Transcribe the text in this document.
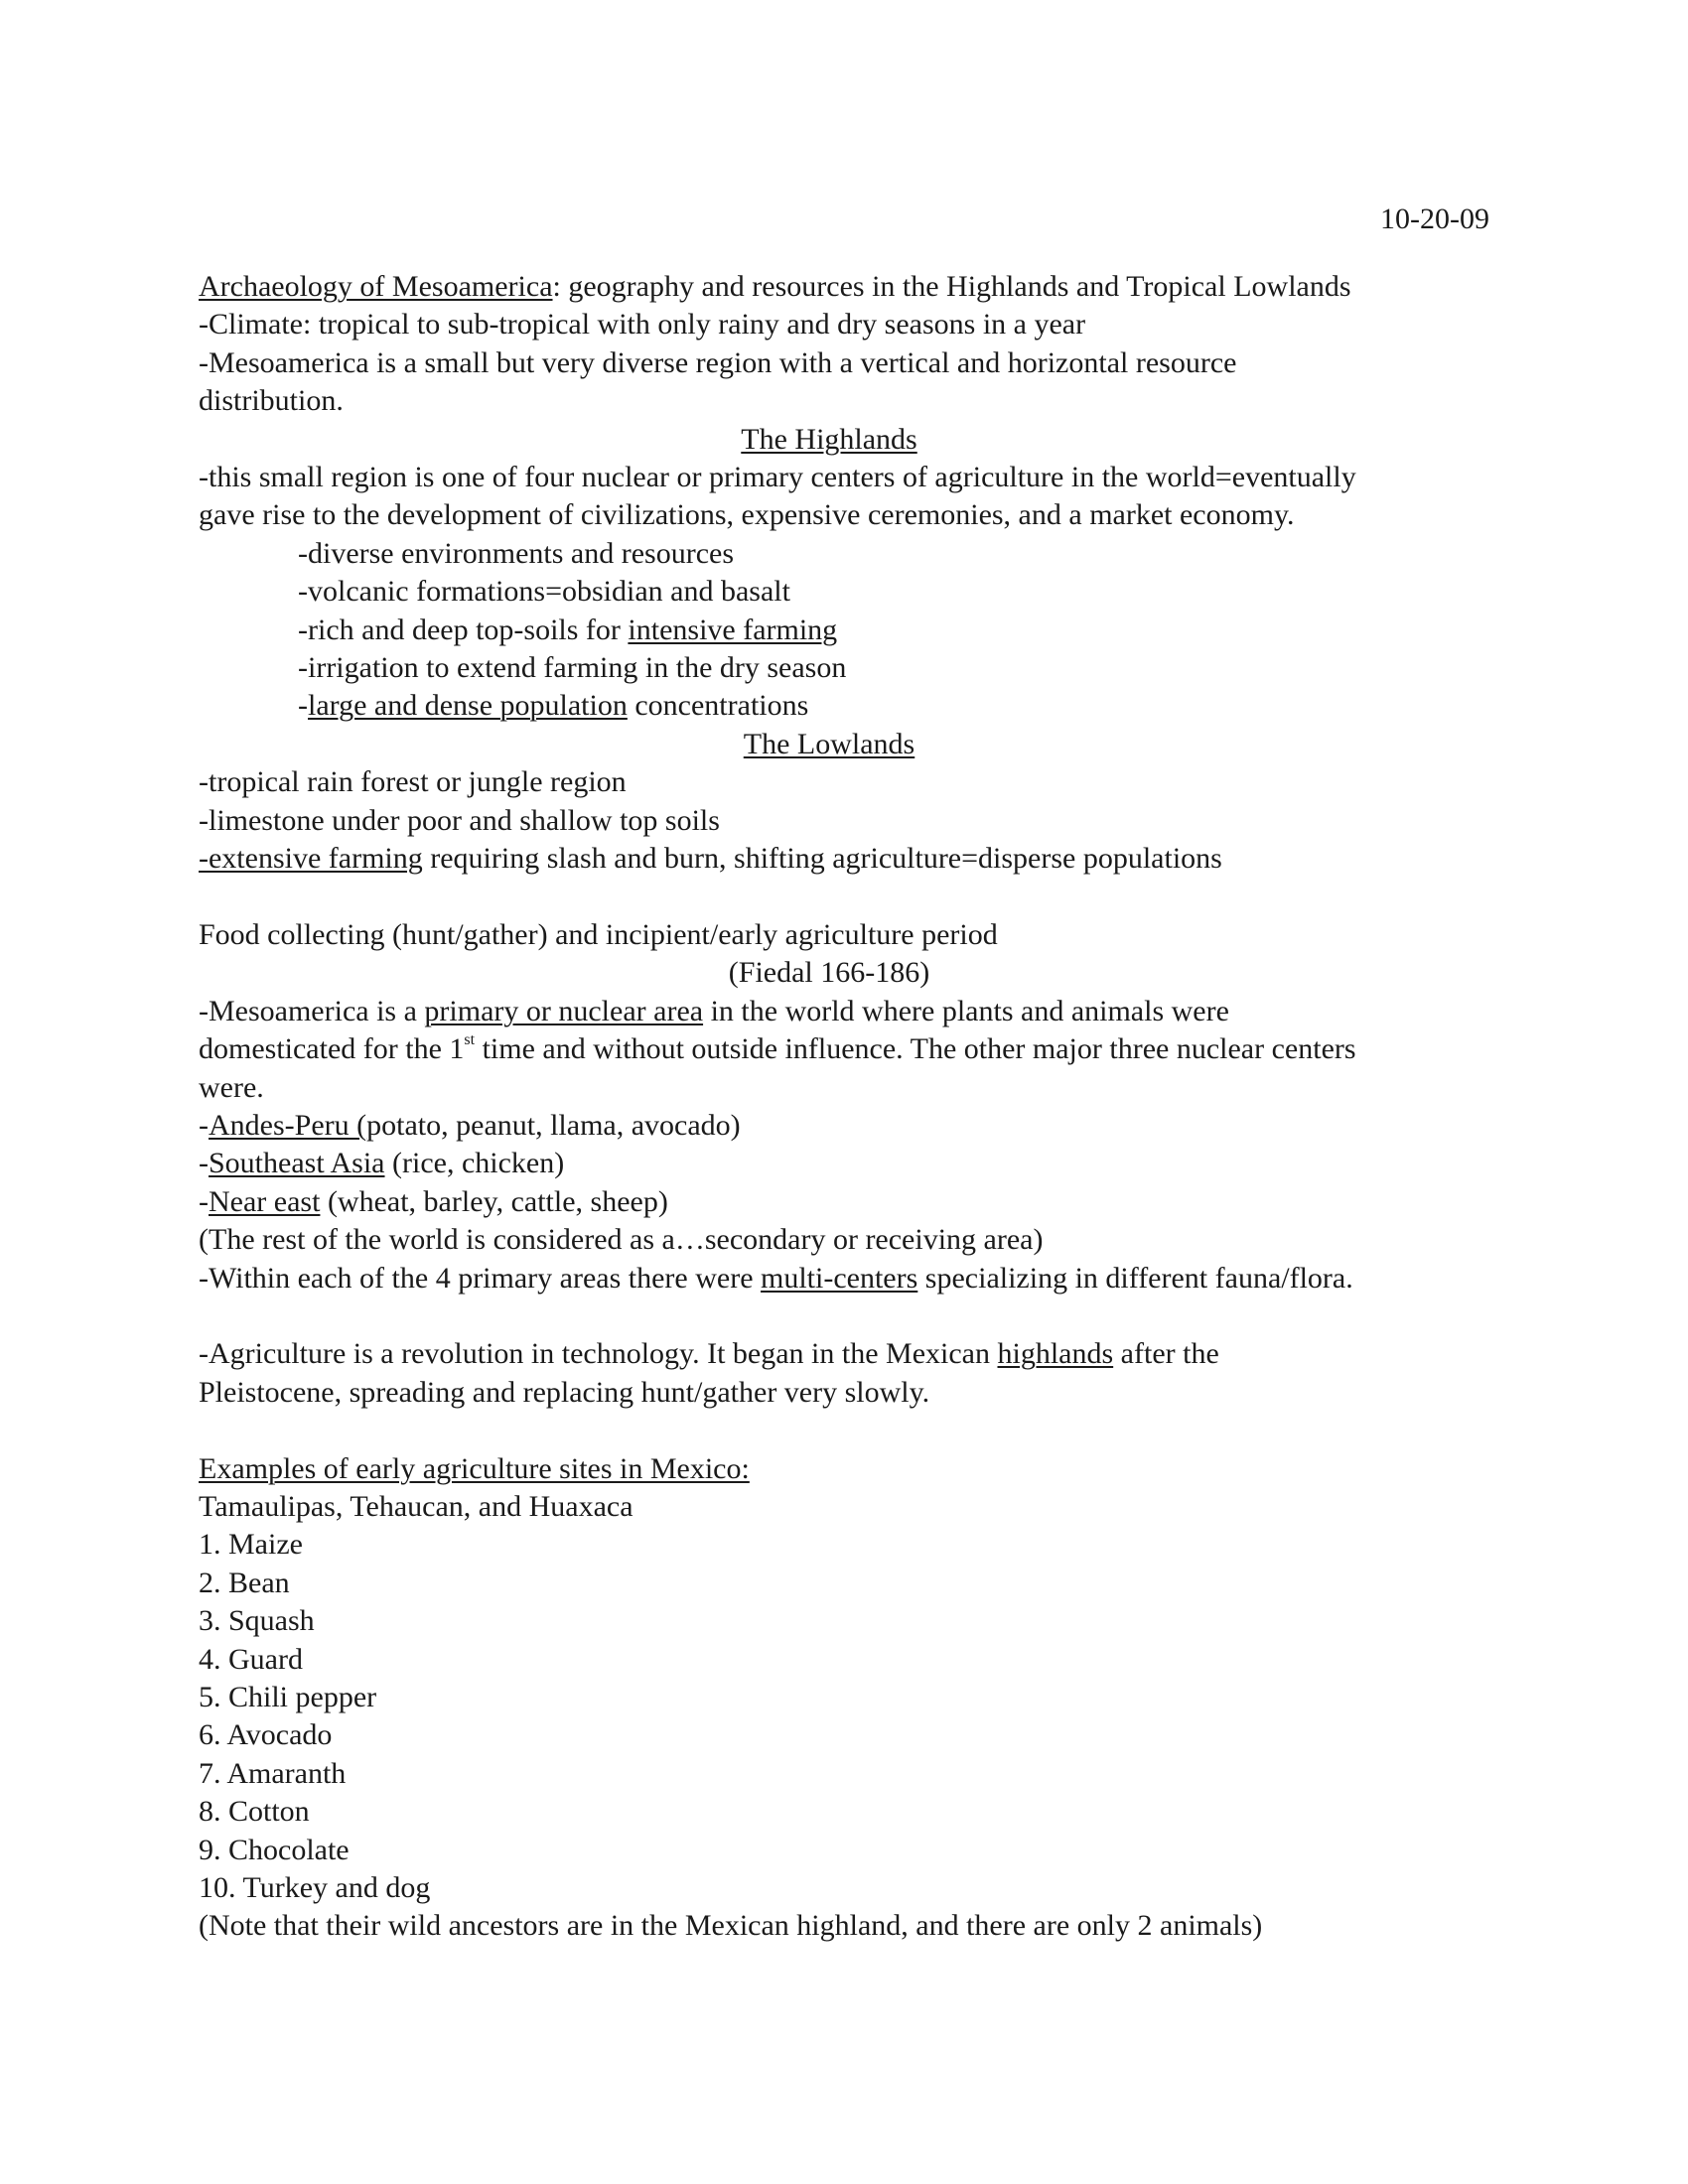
10-20-09
Archaeology of Mesoamerica: geography and resources in the Highlands and Tropical Lowlands
-Climate: tropical to sub-tropical with only rainy and dry seasons in a year
-Mesoamerica is a small but very diverse region with a vertical and horizontal resource
distribution.
The Highlands
-this small region is one of four nuclear or primary centers of agriculture in the world=eventually
gave rise to the development of civilizations, expensive ceremonies, and a market economy.
-diverse environments and resources
-volcanic formations=obsidian and basalt
-rich and deep top-soils for intensive farming
-irrigation to extend farming in the dry season
-large and dense population concentrations
The Lowlands
-tropical rain forest or jungle region
-limestone under poor and shallow top soils
-extensive farming requiring slash and burn, shifting agriculture=disperse populations
Food collecting (hunt/gather) and incipient/early agriculture period
(Fiedal 166-186)
-Mesoamerica is a primary or nuclear area in the world where plants and animals were
domesticated for the 1st time and without outside influence. The other major three nuclear centers
were.
-Andes-Peru (potato, peanut, llama, avocado)
-Southeast Asia (rice, chicken)
-Near east (wheat, barley, cattle, sheep)
(The rest of the world is considered as a…secondary or receiving area)
-Within each of the 4 primary areas there were multi-centers specializing in different fauna/flora.
-Agriculture is a revolution in technology. It began in the Mexican highlands after the
Pleistocene, spreading and replacing hunt/gather very slowly.
Examples of early agriculture sites in Mexico:
Tamaulipas, Tehaucan, and Huaxaca
1. Maize
2. Bean
3. Squash
4. Guard
5. Chili pepper
6. Avocado
7. Amaranth
8. Cotton
9. Chocolate
10. Turkey and dog
(Note that their wild ancestors are in the Mexican highland, and there are only 2 animals)
